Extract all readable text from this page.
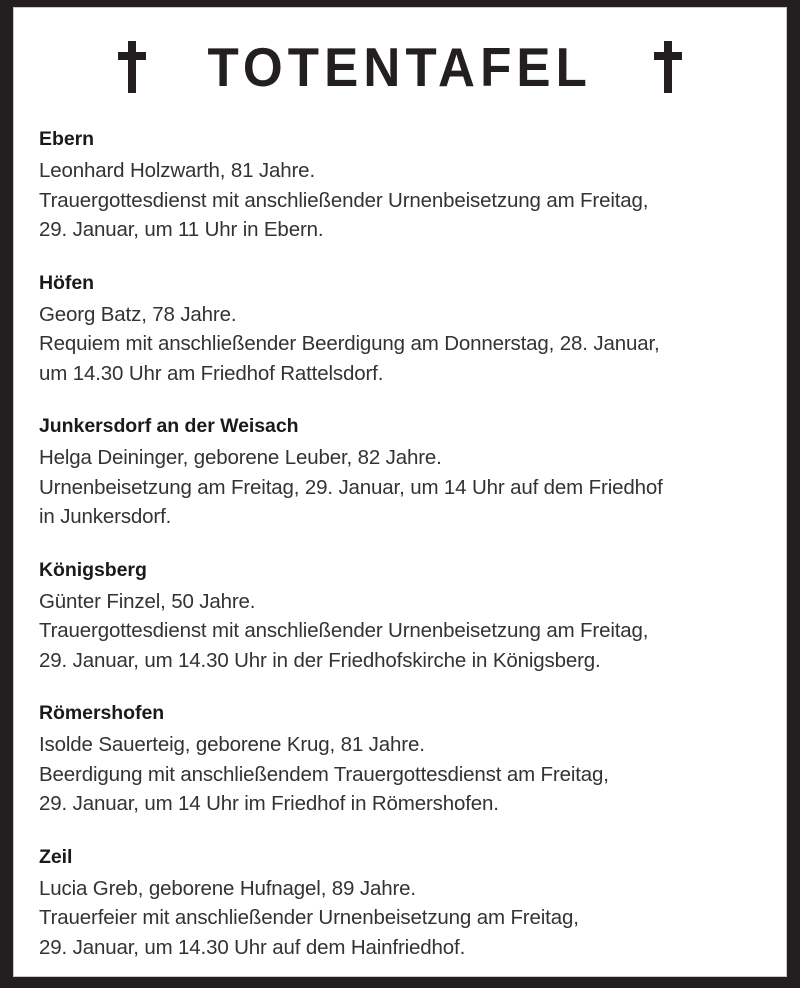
TOTENTAFEL
Ebern
Leonhard Holzwarth, 81 Jahre.
Trauergottesdienst mit anschließender Urnenbeisetzung am Freitag,
29. Januar, um 11 Uhr in Ebern.
Höfen
Georg Batz, 78 Jahre.
Requiem mit anschließender Beerdigung am Donnerstag, 28. Januar,
um 14.30 Uhr am Friedhof Rattelsdorf.
Junkersdorf an der Weisach
Helga Deininger, geborene Leuber, 82 Jahre.
Urnenbeisetzung am Freitag, 29. Januar, um 14 Uhr auf dem Friedhof
in Junkersdorf.
Königsberg
Günter Finzel, 50 Jahre.
Trauergottesdienst mit anschließender Urnenbeisetzung am Freitag,
29. Januar, um 14.30 Uhr in der Friedhofskirche in Königsberg.
Römershofen
Isolde Sauerteig, geborene Krug, 81 Jahre.
Beerdigung mit anschließendem Trauergottesdienst am Freitag,
29. Januar, um 14 Uhr im Friedhof in Römershofen.
Zeil
Lucia Greb, geborene Hufnagel, 89 Jahre.
Trauerfeier mit anschließender Urnenbeisetzung am Freitag,
29. Januar, um 14.30 Uhr auf dem Hainfriedhof.
